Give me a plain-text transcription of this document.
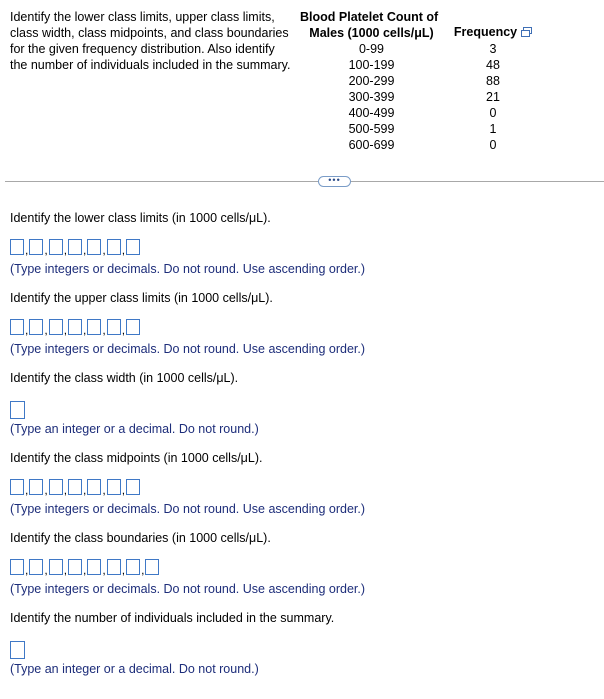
Identify the lower class limits, upper class limits, class width, class midpoints, and class boundaries for the given frequency distribution. Also identify the number of individuals included in the summary.

Blood Platelet Count of
Males (1000 cells/μL)	Frequency
0-99	3
100-199	48
200-299	88
300-399	21
400-499	0
500-599	1
600-699	0
•••

Identify the lower class limits (in 1000 cells/μL).

, , , , , ,

(Type integers or decimals. Do not round. Use ascending order.)

Identify the upper class limits (in 1000 cells/μL).

, , , , , ,

(Type integers or decimals. Do not round. Use ascending order.)

Identify the class width (in 1000 cells/μL).

(Type an integer or a decimal. Do not round.)

Identify the class midpoints (in 1000 cells/μL).

, , , , , ,

(Type integers or decimals. Do not round. Use ascending order.)

Identify the class boundaries (in 1000 cells/μL).

, , , , , , ,

(Type integers or decimals. Do not round. Use ascending order.)

Identify the number of individuals included in the summary.

(Type an integer or a decimal. Do not round.)
